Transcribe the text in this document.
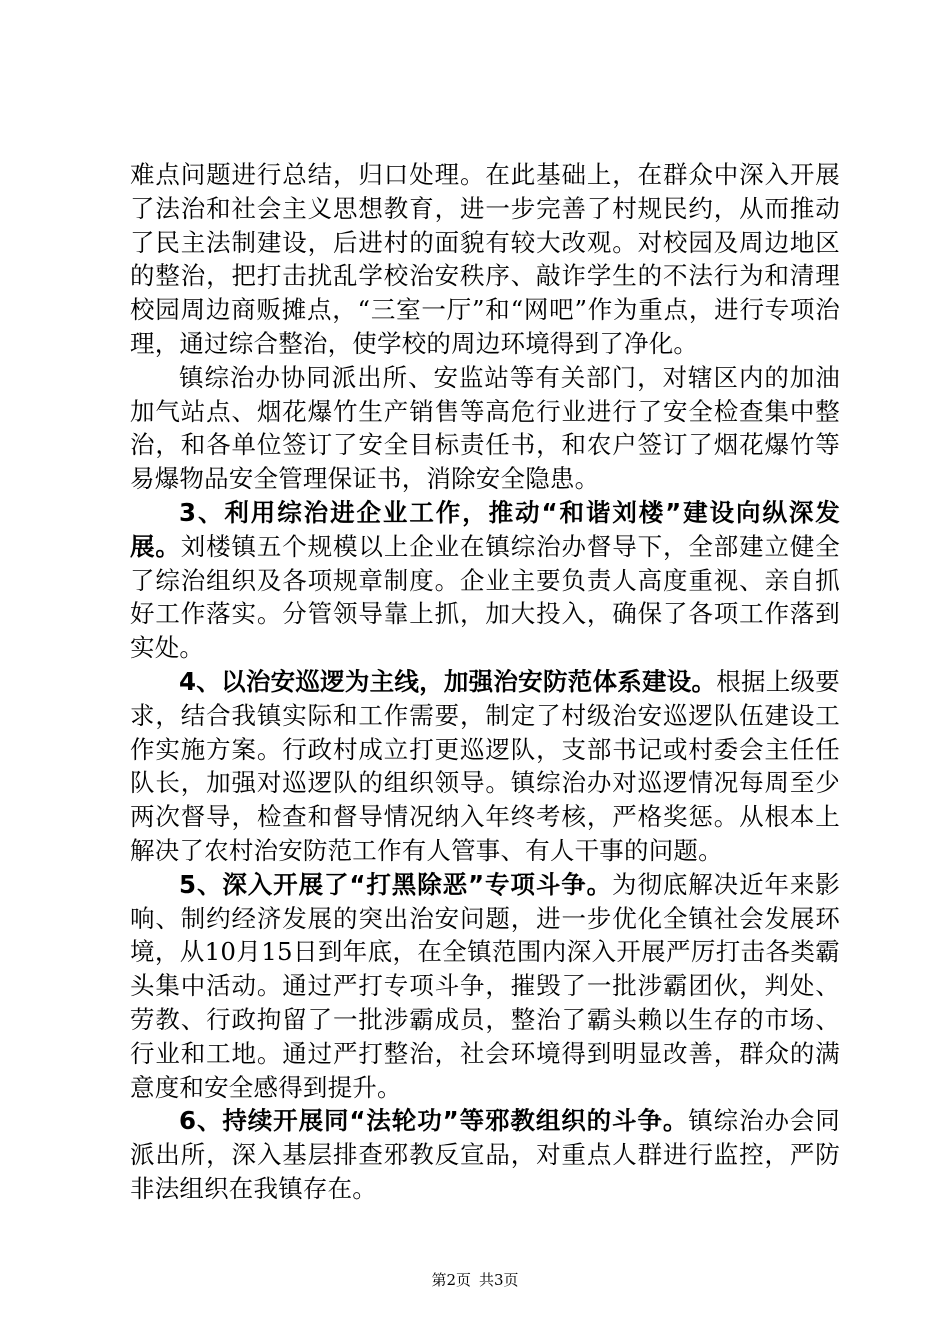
难点问题进行总结，归口处理。在此基础上，在群众中深入开展了法治和社会主义思想教育，进一步完善了村规民约，从而推动了民主法制建设，后进村的面貌有较大改观。对校园及周边地区的整治，把打击扰乱学校治安秩序、敲诈学生的不法行为和清理校园周边商贩摊点，“三室一厅”和“网吧”作为重点，进行专项治理，通过综合整治，使学校的周边环境得到了净化。

镇综治办协同派出所、安监站等有关部门，对辖区内的加油加气站点、烟花爆竹生产销售等高危行业进行了安全检查集中整治，和各单位签订了安全目标责任书，和农户签订了烟花爆竹等易爆物品安全管理保证书，消除安全隐患。

3、利用综治进企业工作，推动“和谐刘楼”建设向纵深发展。刘楼镇五个规模以上企业在镇综治办督导下，全部建立健全了综治组织及各项规章制度。企业主要负责人高度重视、亲自抓好工作落实。分管领导靠上抓，加大投入，确保了各项工作落到实处。

4、以治安巡逻为主线，加强治安防范体系建设。根据上级要求，结合我镇实际和工作需要，制定了村级治安巡逻队伍建设工作实施方案。行政村成立打更巡逻队，支部书记或村委会主任任队长，加强对巡逻队的组织领导。镇综治办对巡逻情况每周至少两次督导，检查和督导情况纳入年终考核，严格奖惩。从根本上解决了农村治安防范工作有人管事、有人干事的问题。

5、深入开展了“打黑除恶”专项斗争。为彻底解决近年来影响、制约经济发展的突出治安问题，进一步优化全镇社会发展环境，从10月15日到年底，在全镇范围内深入开展严厉打击各类霸头集中活动。通过严打专项斗争，摧毁了一批涉霸团伙，判处、劳教、行政拘留了一批涉霸成员，整治了霸头赖以生存的市场、行业和工地。通过严打整治，社会环境得到明显改善，群众的满意度和安全感得到提升。

6、持续开展同“法轮功”等邪教组织的斗争。镇综治办会同派出所，深入基层排查邪教反宣品，对重点人群进行监控，严防非法组织在我镇存在。

第2页 共3页
